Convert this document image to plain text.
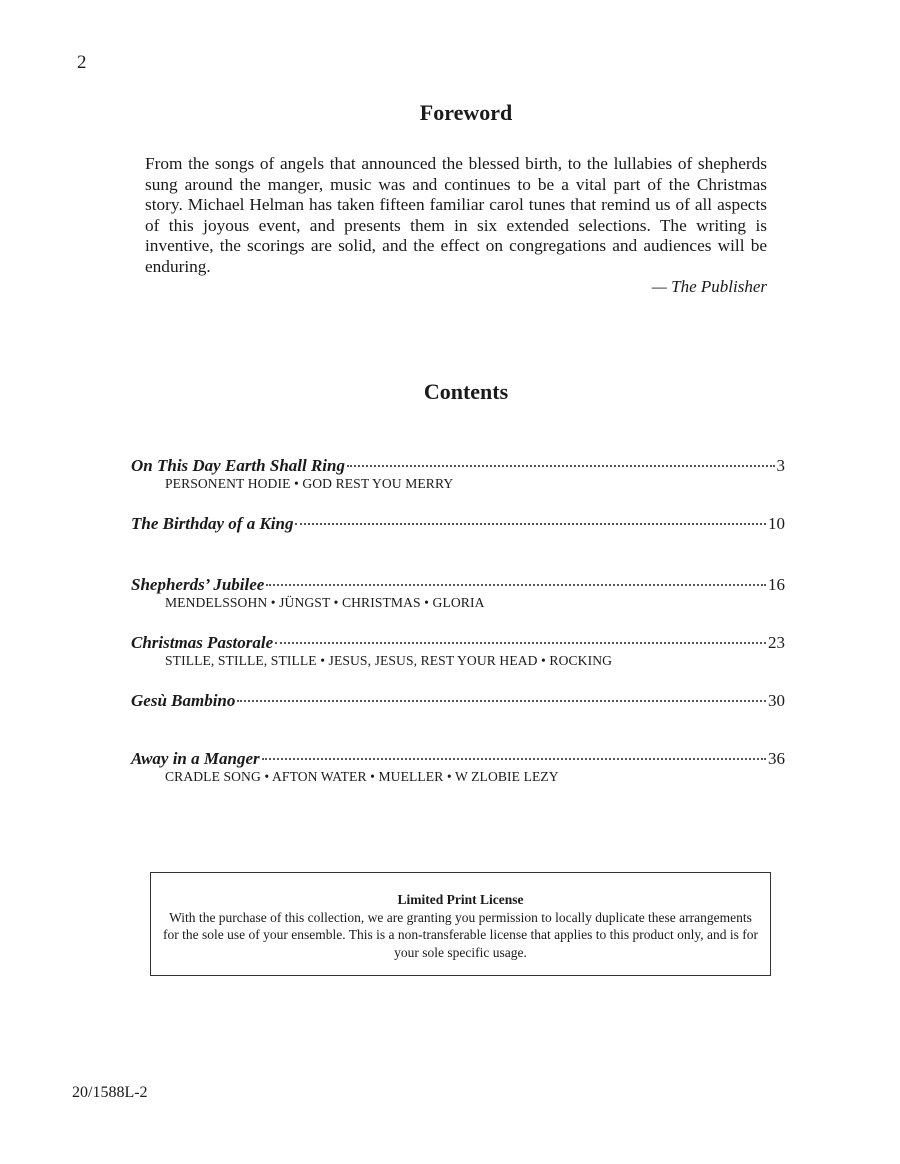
2
Foreword
From the songs of angels that announced the blessed birth, to the lullabies of shepherds sung around the manger, music was and continues to be a vital part of the Christmas story. Michael Helman has taken fifteen familiar carol tunes that remind us of all aspects of this joyous event, and presents them in six extended selections. The writing is inventive, the scorings are solid, and the effect on congregations and audiences will be enduring.
— The Publisher
Contents
On This Day Earth Shall Ring	3
PERSONENT HODIE • GOD REST YOU MERRY
The Birthday of a King	10
Shepherds’ Jubilee	16
MENDELSSOHN • JÜNGST • CHRISTMAS • GLORIA
Christmas Pastorale	23
STILLE, STILLE, STILLE • JESUS, JESUS, REST YOUR HEAD • ROCKING
Gesù Bambino	30
Away in a Manger	36
CRADLE SONG • AFTON WATER • MUELLER • W ZLOBIE LEZY
Limited Print License
With the purchase of this collection, we are granting you permission to locally duplicate these arrangements for the sole use of your ensemble. This is a non-transferable license that applies to this product only, and is for your sole specific usage.
20/1588L-2
